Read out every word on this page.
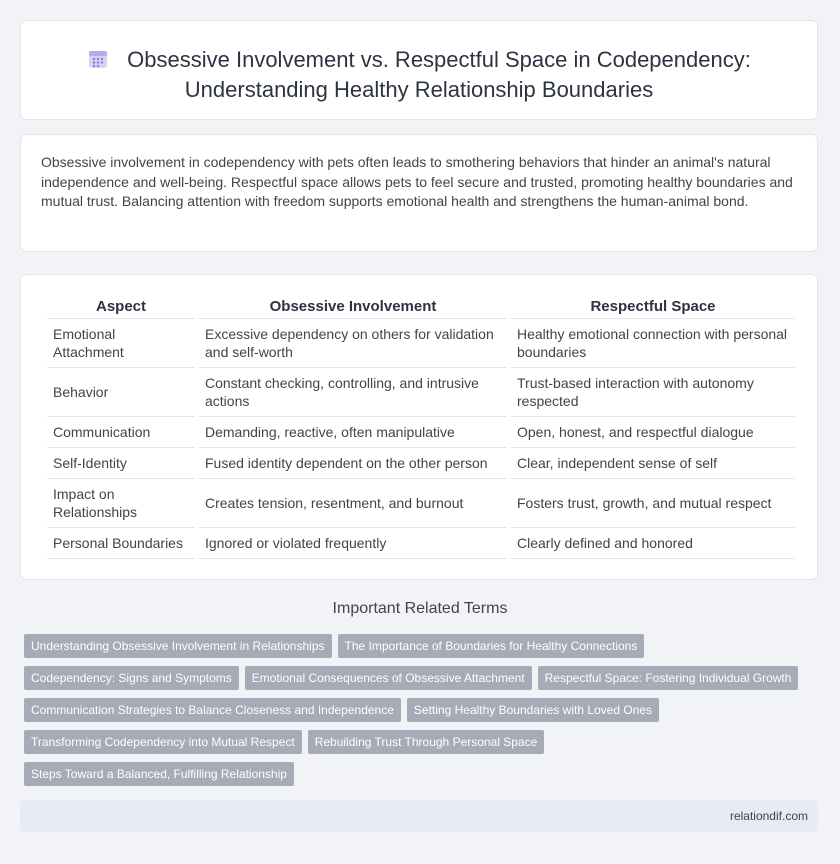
Obsessive Involvement vs. Respectful Space in Codependency:
Understanding Healthy Relationship Boundaries

Obsessive involvement in codependency with pets often leads to smothering behaviors that hinder an animal's natural independence and well-being. Respectful space allows pets to feel secure and trusted, promoting healthy boundaries and mutual trust. Balancing attention with freedom supports emotional health and strengthens the human-animal bond.

Aspect	Obsessive Involvement	Respectful Space
Emotional Attachment	Excessive dependency on others for validation and self-worth	Healthy emotional connection with personal boundaries
Behavior	Constant checking, controlling, and intrusive actions	Trust-based interaction with autonomy respected
Communication	Demanding, reactive, often manipulative	Open, honest, and respectful dialogue
Self-Identity	Fused identity dependent on the other person	Clear, independent sense of self
Impact on Relationships	Creates tension, resentment, and burnout	Fosters trust, growth, and mutual respect
Personal Boundaries	Ignored or violated frequently	Clearly defined and honored
Important Related Terms
Understanding Obsessive Involvement in Relationships The Importance of Boundaries for Healthy Connections
Codependency: Signs and Symptoms Emotional Consequences of Obsessive Attachment Respectful Space: Fostering Individual Growth
Communication Strategies to Balance Closeness and Independence Setting Healthy Boundaries with Loved Ones
Transforming Codependency into Mutual Respect Rebuilding Trust Through Personal Space
Steps Toward a Balanced, Fulfilling Relationship
relationdif.com
